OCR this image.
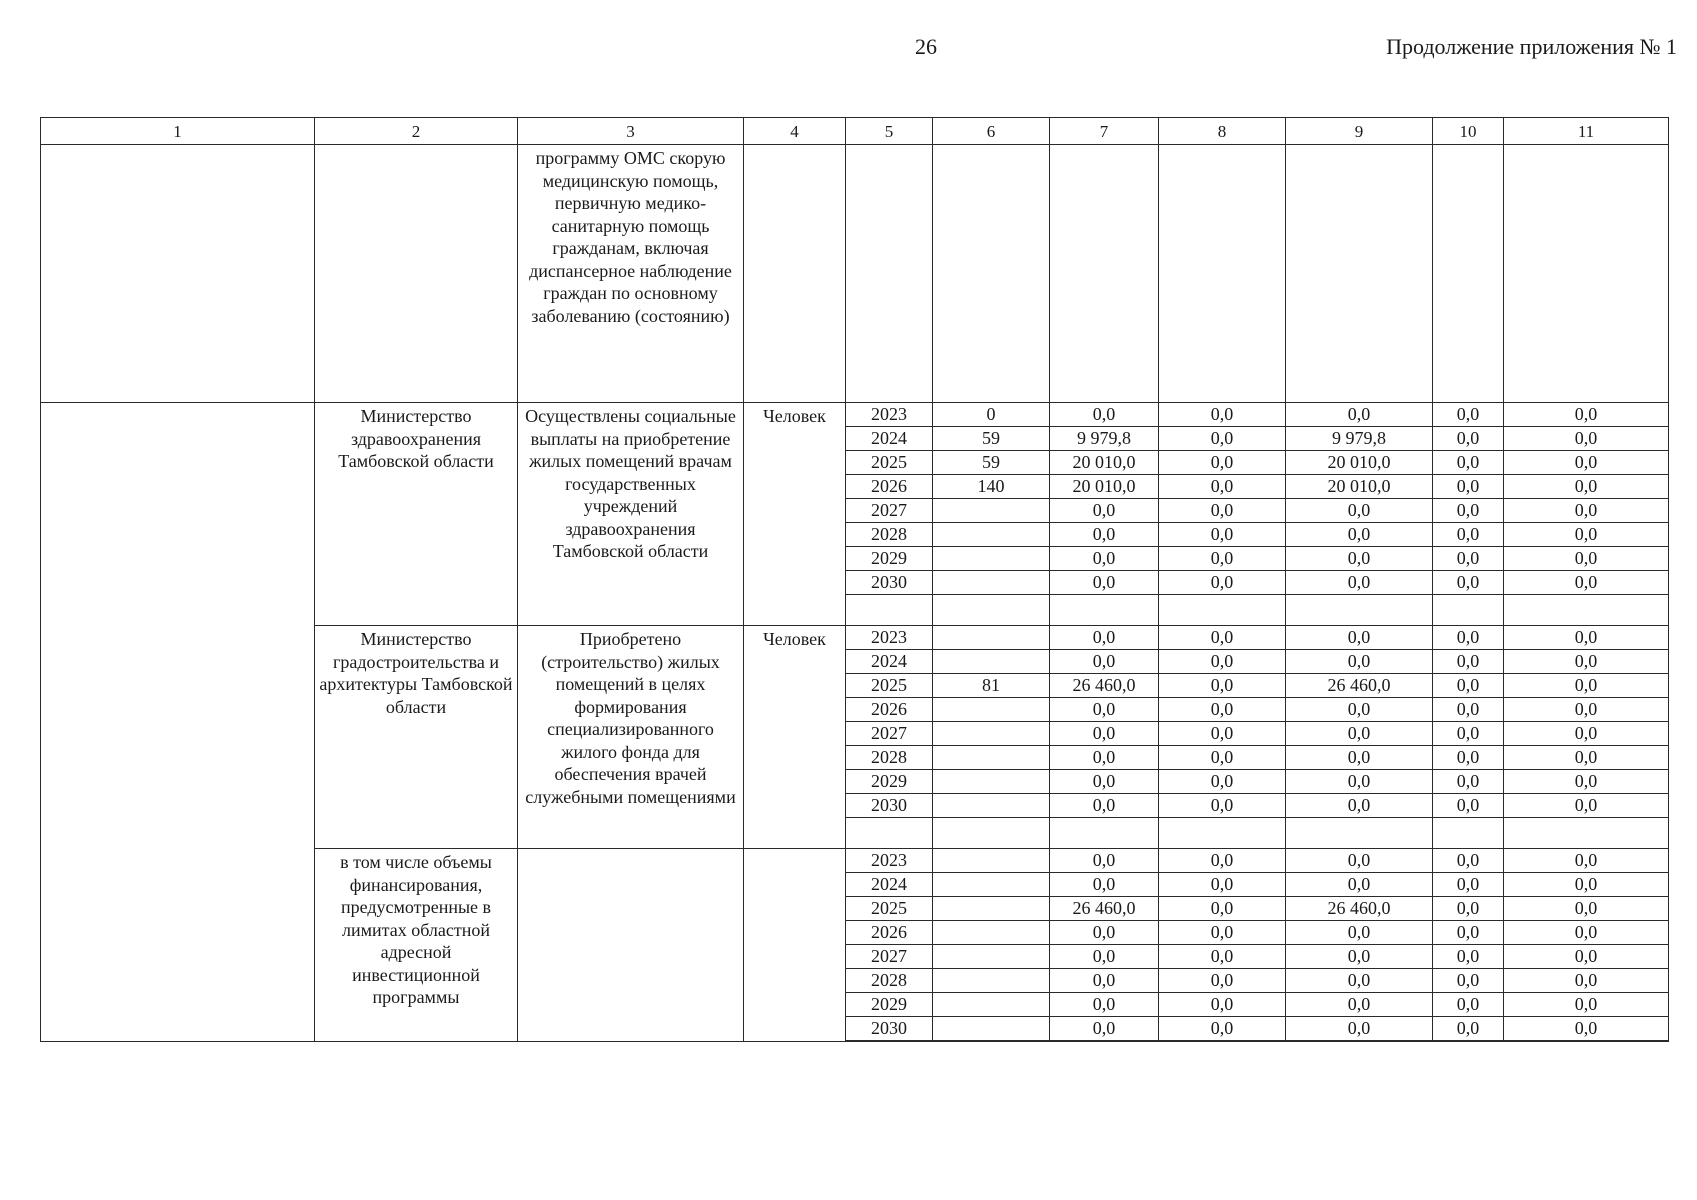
26	Продолжение приложения № 1
1	2	3	4	5	6	7	8	9	10	11
		программу ОМС скорую медицинскую помощь, первичную медико-санитарную помощь гражданам, включая диспансерное наблюдение граждан по основному заболеванию (состоянию)								
	Министерство здравоохранения Тамбовской области	Осуществлены социальные выплаты на приобретение жилых помещений врачам государственных учреждений здравоохранения Тамбовской области	Человек	2023	0	0,0	0,0	0,0	0,0	0,0
				2024	59	9 979,8	0,0	9 979,8	0,0	0,0
				2025	59	20 010,0	0,0	20 010,0	0,0	0,0
				2026	140	20 010,0	0,0	20 010,0	0,0	0,0
				2027		0,0	0,0	0,0	0,0	0,0
				2028		0,0	0,0	0,0	0,0	0,0
				2029		0,0	0,0	0,0	0,0	0,0
				2030		0,0	0,0	0,0	0,0	0,0

	Министерство градостроительства и архитектуры Тамбовской области	Приобретено (строительство) жилых помещений в целях формирования специализированного жилого фонда для обеспечения врачей служебными помещениями	Человек	2023		0,0	0,0	0,0	0,0	0,0
				2024		0,0	0,0	0,0	0,0	0,0
				2025	81	26 460,0	0,0	26 460,0	0,0	0,0
				2026		0,0	0,0	0,0	0,0	0,0
				2027		0,0	0,0	0,0	0,0	0,0
				2028		0,0	0,0	0,0	0,0	0,0
				2029		0,0	0,0	0,0	0,0	0,0
				2030		0,0	0,0	0,0	0,0	0,0

	в том числе объемы финансирования, предусмотренные в лимитах областной адресной инвестиционной программы			2023		0,0	0,0	0,0	0,0	0,0
				2024		0,0	0,0	0,0	0,0	0,0
				2025		26 460,0	0,0	26 460,0	0,0	0,0
				2026		0,0	0,0	0,0	0,0	0,0
				2027		0,0	0,0	0,0	0,0	0,0
				2028		0,0	0,0	0,0	0,0	0,0
				2029		0,0	0,0	0,0	0,0	0,0
				2030		0,0	0,0	0,0	0,0	0,0
